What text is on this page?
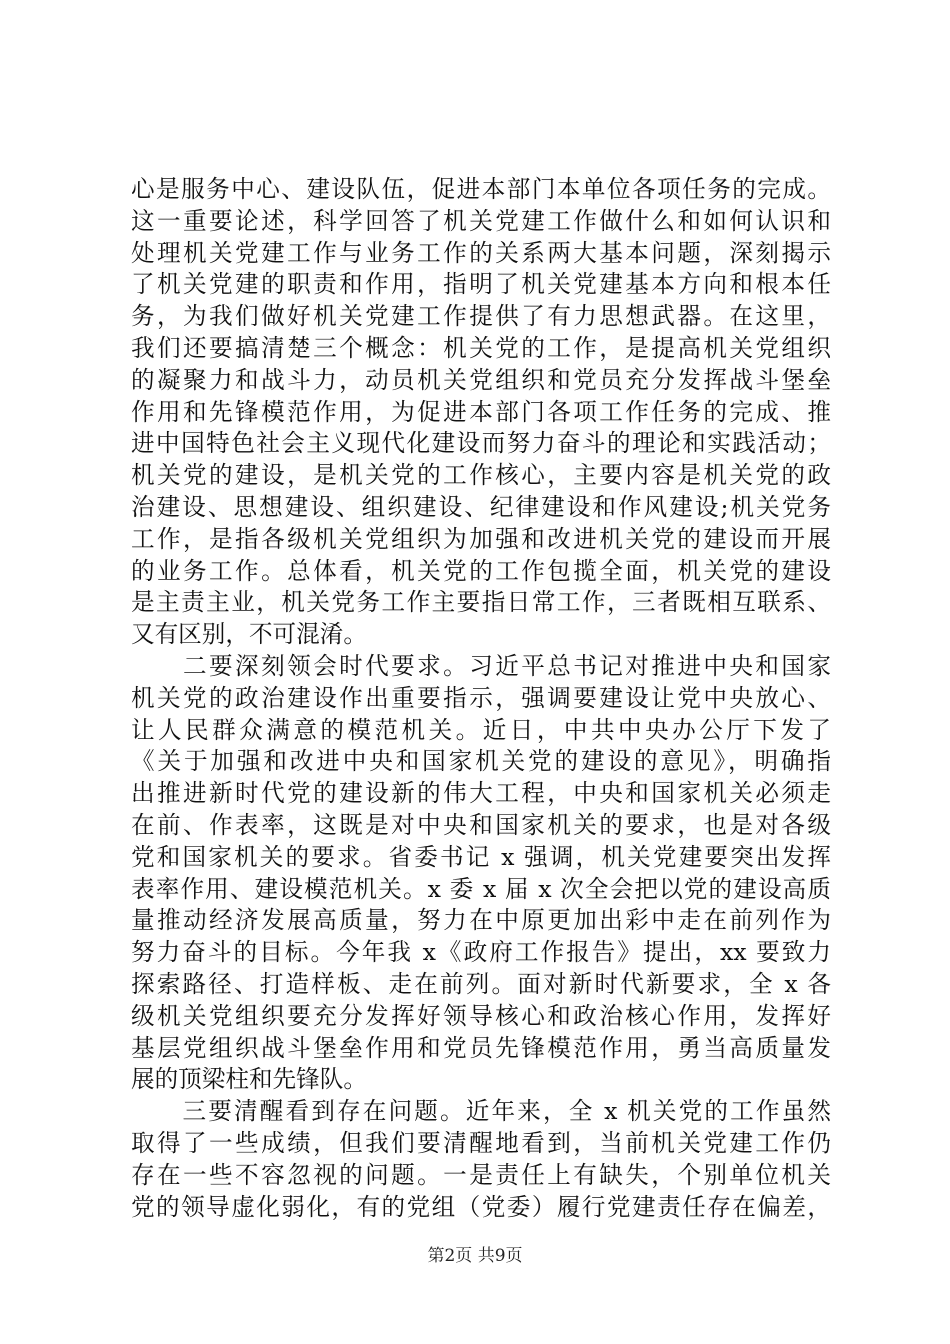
心是服务中心、建设队伍，促进本部门本单位各项任务的完成。
这一重要论述，科学回答了机关党建工作做什么和如何认识和
处理机关党建工作与业务工作的关系两大基本问题，深刻揭示
了机关党建的职责和作用，指明了机关党建基本方向和根本任
务，为我们做好机关党建工作提供了有力思想武器。在这里，
我们还要搞清楚三个概念：机关党的工作，是提高机关党组织
的凝聚力和战斗力，动员机关党组织和党员充分发挥战斗堡垒
作用和先锋模范作用，为促进本部门各项工作任务的完成、推
进中国特色社会主义现代化建设而努力奋斗的理论和实践活动；
机关党的建设，是机关党的工作核心，主要内容是机关党的政
治建设、思想建设、组织建设、纪律建设和作风建设;机关党务
工作，是指各级机关党组织为加强和改进机关党的建设而开展
的业务工作。总体看，机关党的工作包揽全面，机关党的建设
是主责主业，机关党务工作主要指日常工作，三者既相互联系、
又有区别，不可混淆。
　　二要深刻领会时代要求。习近平总书记对推进中央和国家
机关党的政治建设作出重要指示，强调要建设让党中央放心、
让人民群众满意的模范机关。近日，中共中央办公厅下发了
《关于加强和改进中央和国家机关党的建设的意见》，明确指
出推进新时代党的建设新的伟大工程，中央和国家机关必须走
在前、作表率，这既是对中央和国家机关的要求，也是对各级
党和国家机关的要求。省委书记 x 强调，机关党建要突出发挥
表率作用、建设模范机关。x 委 x 届 x 次全会把以党的建设高质
量推动经济发展高质量，努力在中原更加出彩中走在前列作为
努力奋斗的目标。今年我 x《政府工作报告》提出，xx 要致力
探索路径、打造样板、走在前列。面对新时代新要求，全 x 各
级机关党组织要充分发挥好领导核心和政治核心作用，发挥好
基层党组织战斗堡垒作用和党员先锋模范作用，勇当高质量发
展的顶梁柱和先锋队。
　　三要清醒看到存在问题。近年来，全 x 机关党的工作虽然
取得了一些成绩，但我们要清醒地看到，当前机关党建工作仍
存在一些不容忽视的问题。一是责任上有缺失，个别单位机关
党的领导虚化弱化，有的党组（党委）履行党建责任存在偏差，
第2页 共9页
